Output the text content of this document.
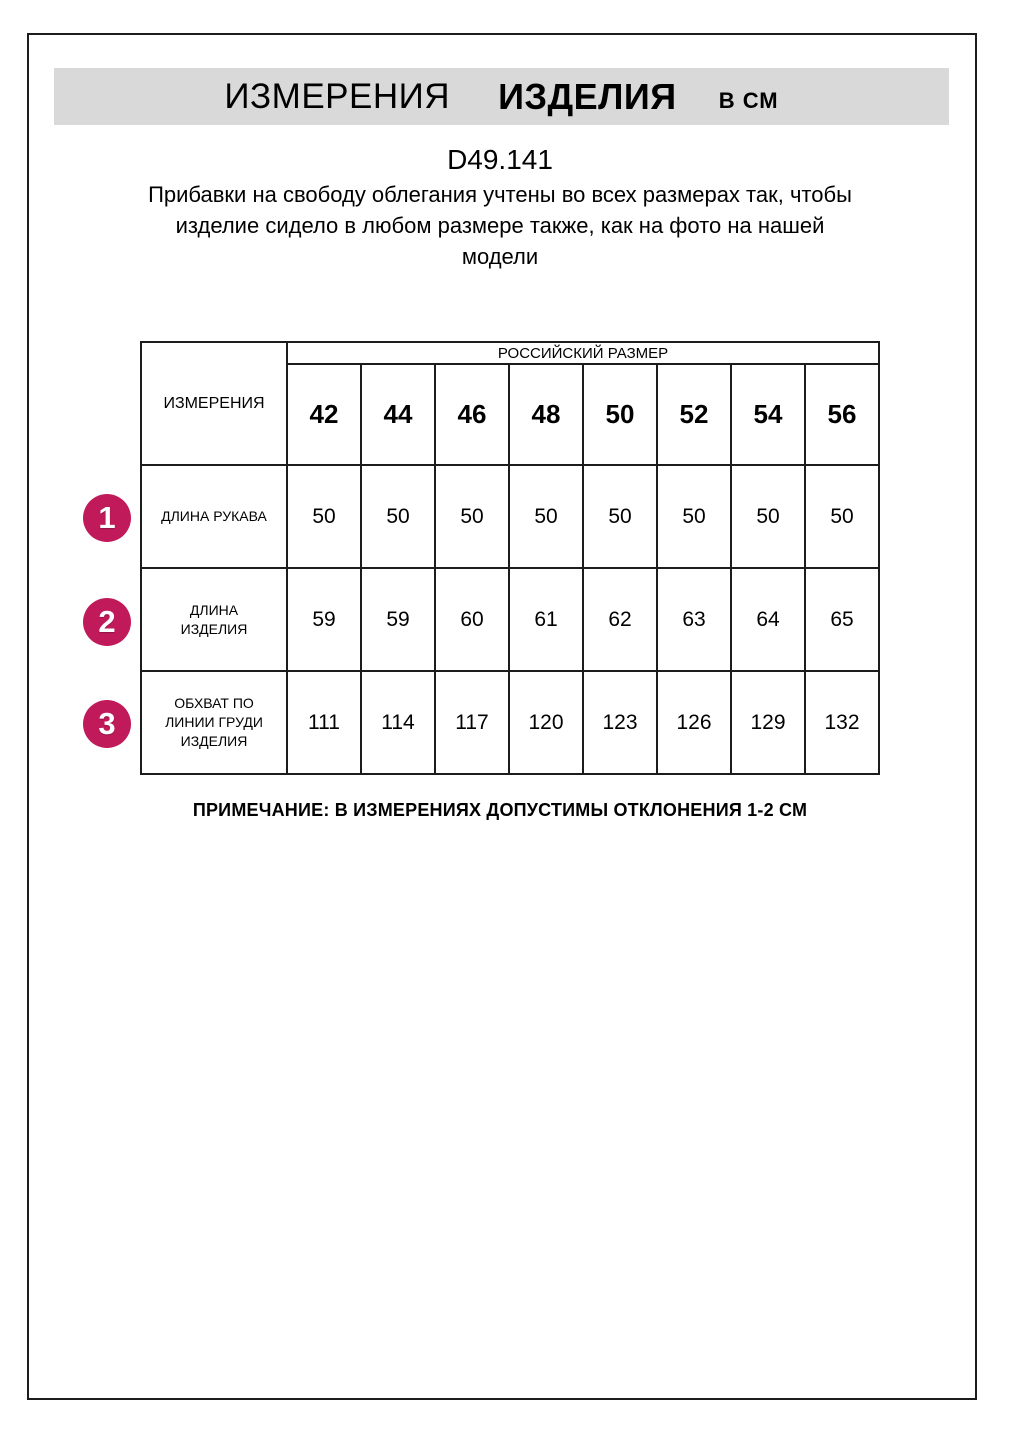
ИЗМЕРЕНИЯ ИЗДЕЛИЯ В СМ
D49.141
Прибавки на свободу облегания учтены во всех размерах так, чтобы
изделие сидело в любом размере также, как на фото на нашей
модели
ИЗМЕРЕНИЯ	РОССИЙСКИЙ РАЗМЕР							
	42	44	46	48	50	52	54	56

ДЛИНА РУКАВА	50	50	50	50	50	50	50	50

ДЛИНА
ИЗДЕЛИЯ	59	59	60	61	62	63	64	65

ОБХВАТ ПО
ЛИНИИ ГРУДИ
ИЗДЕЛИЯ	111	114	117	120	123	126	129	132
1
2
3
ПРИМЕЧАНИЕ: В ИЗМЕРЕНИЯХ ДОПУСТИМЫ ОТКЛОНЕНИЯ 1-2 СМ
